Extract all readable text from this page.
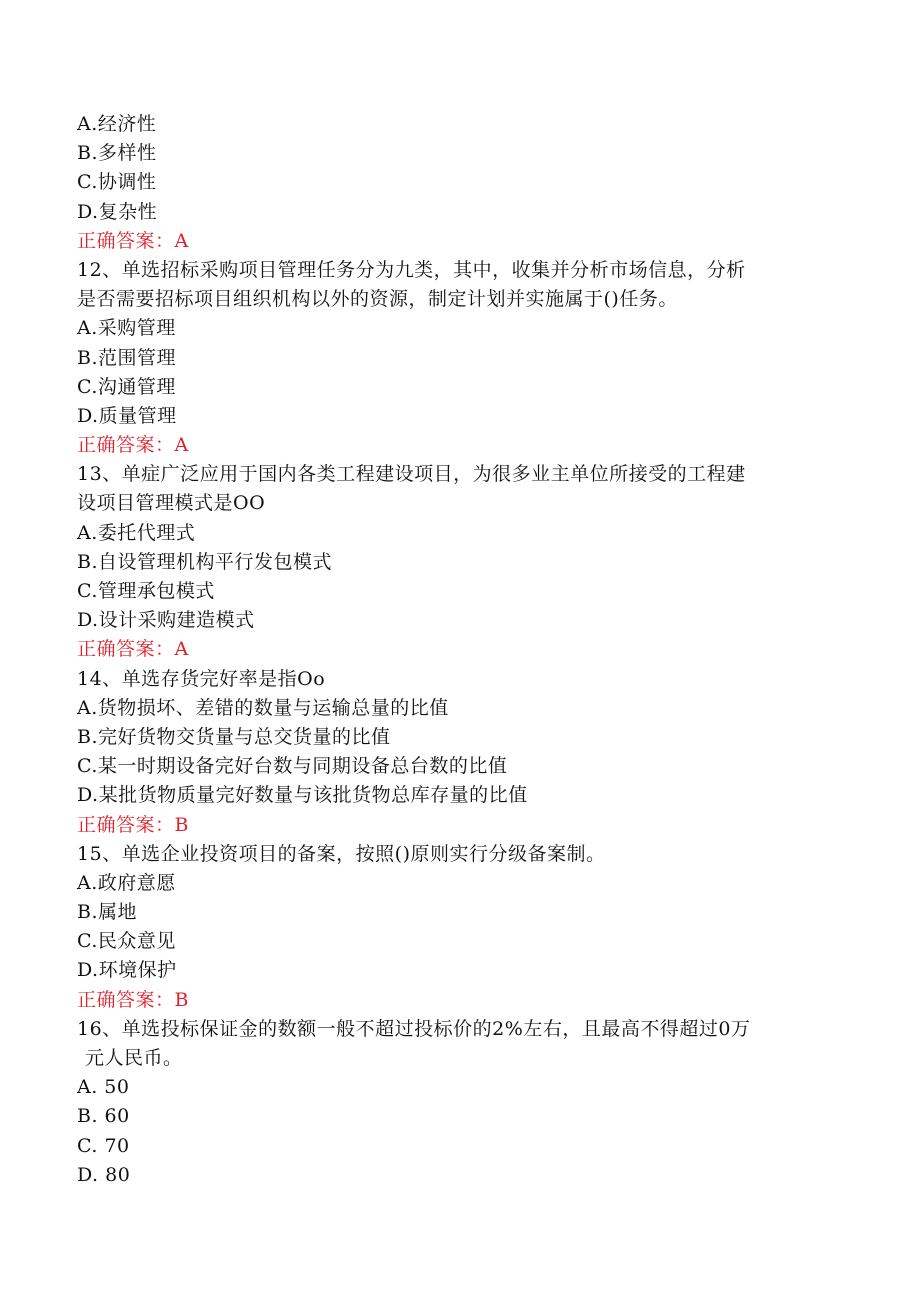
A.经济性
B.多样性
C.协调性
D.复杂性
正确答案：A
12、单选招标采购项目管理任务分为九类，其中，收集并分析市场信息，分析
是否需要招标项目组织机构以外的资源，制定计划并实施属于()任务。
A.采购管理
B.范围管理
C.沟通管理
D.质量管理
正确答案：A
13、单症广泛应用于国内各类工程建设项目，为很多业主单位所接受的工程建
设项目管理模式是OO
A.委托代理式
B.自设管理机构平行发包模式
C.管理承包模式
D.设计采购建造模式
正确答案：A
14、单选存货完好率是指Oo
A.货物损坏、差错的数量与运输总量的比值
B.完好货物交货量与总交货量的比值
C.某一时期设备完好台数与同期设备总台数的比值
D.某批货物质量完好数量与该批货物总库存量的比值
正确答案：B
15、单选企业投资项目的备案，按照()原则实行分级备案制。
A.政府意愿
B.属地
C.民众意见
D.环境保护
正确答案：B
16、单选投标保证金的数额一般不超过投标价的2%左右，且最高不得超过0万
元人民币。
A. 50
B. 60
C. 70
D. 80
